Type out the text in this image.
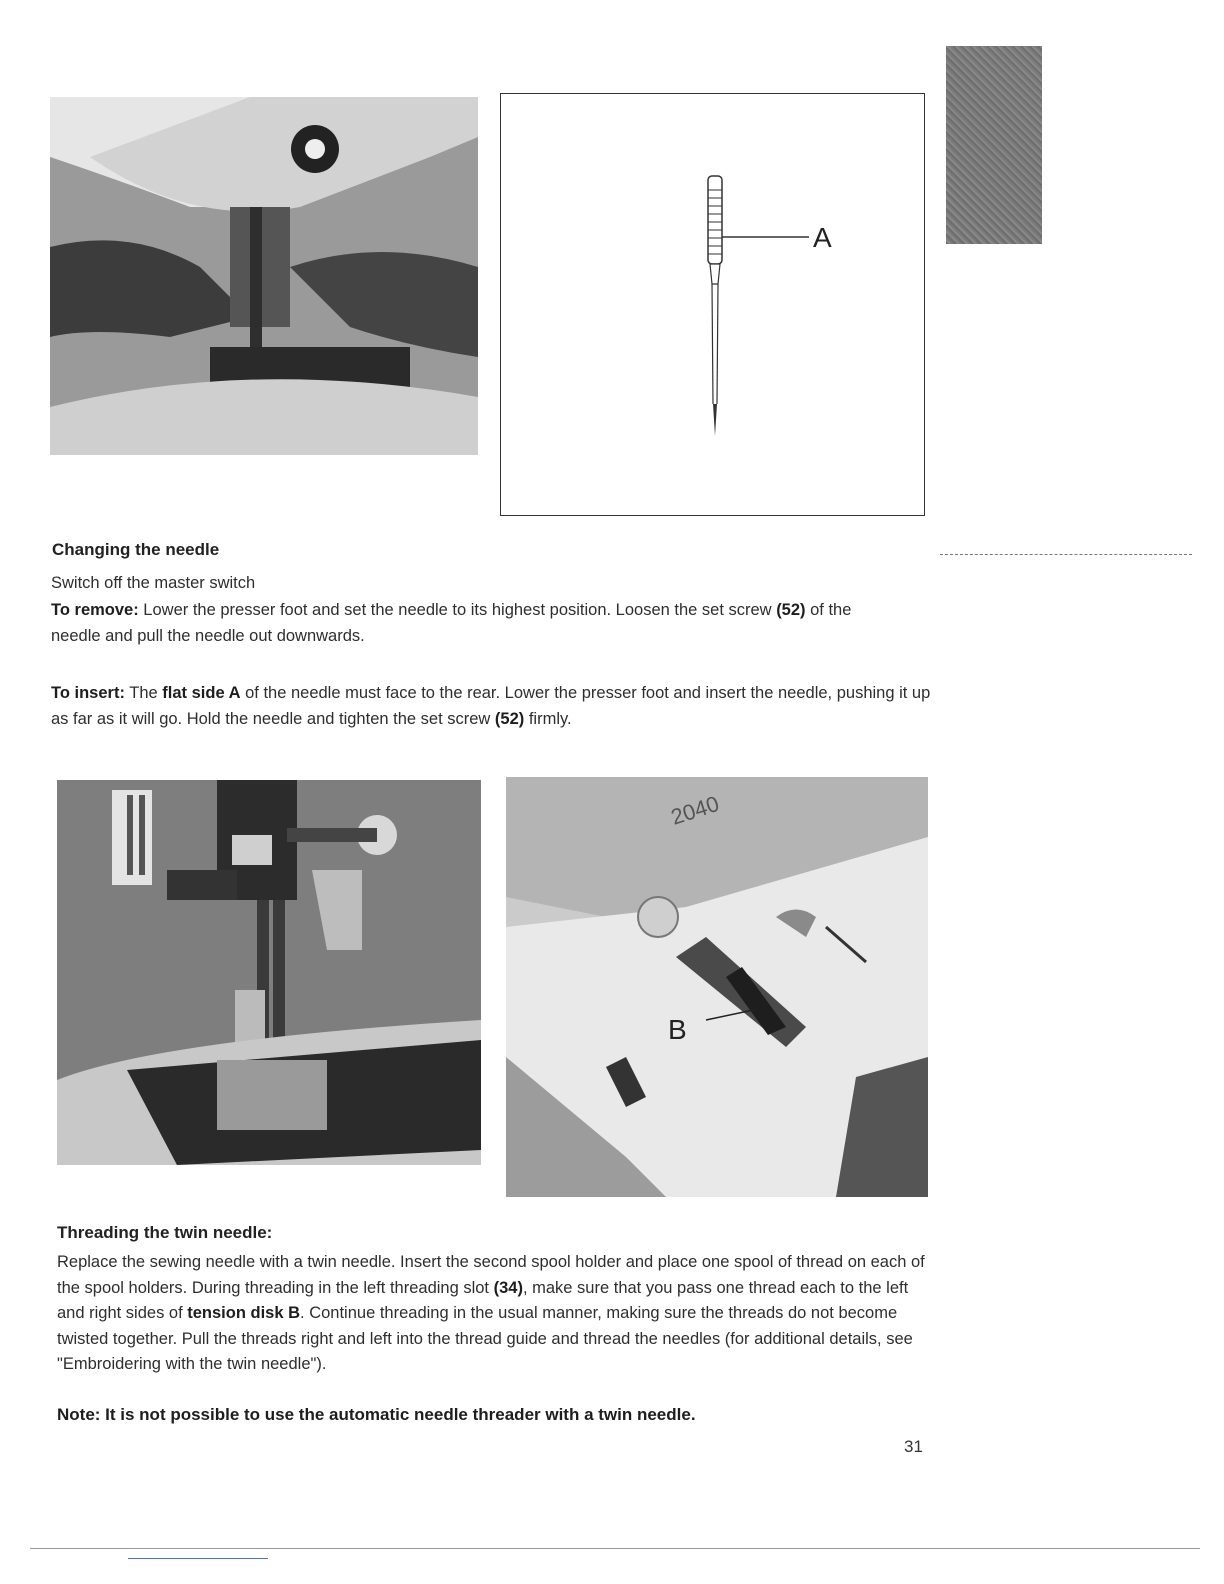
A
Changing the needle

Switch off the master switch

To remove: Lower the presser foot and set the needle to its highest position. Loosen the set screw (52) of the needle and pull the needle out downwards.

To insert: The flat side A of the needle must face to the rear. Lower the presser foot and insert the needle, pushing it up as far as it will go. Hold the needle and tighten the set screw (52) firmly.

2040
B
Threading the twin needle:

Replace the sewing needle with a twin needle. Insert the second spool holder and place one spool of thread on each of the spool holders. During threading in the left threading slot (34), make sure that you pass one thread each to the left and right sides of tension disk B. Continue threading in the usual manner, making sure the threads do not become twisted together. Pull the threads right and left into the thread guide and thread the needles (for additional details, see "Embroidering with the twin needle").

Note: It is not possible to use the automatic needle threader with a twin needle.

31
